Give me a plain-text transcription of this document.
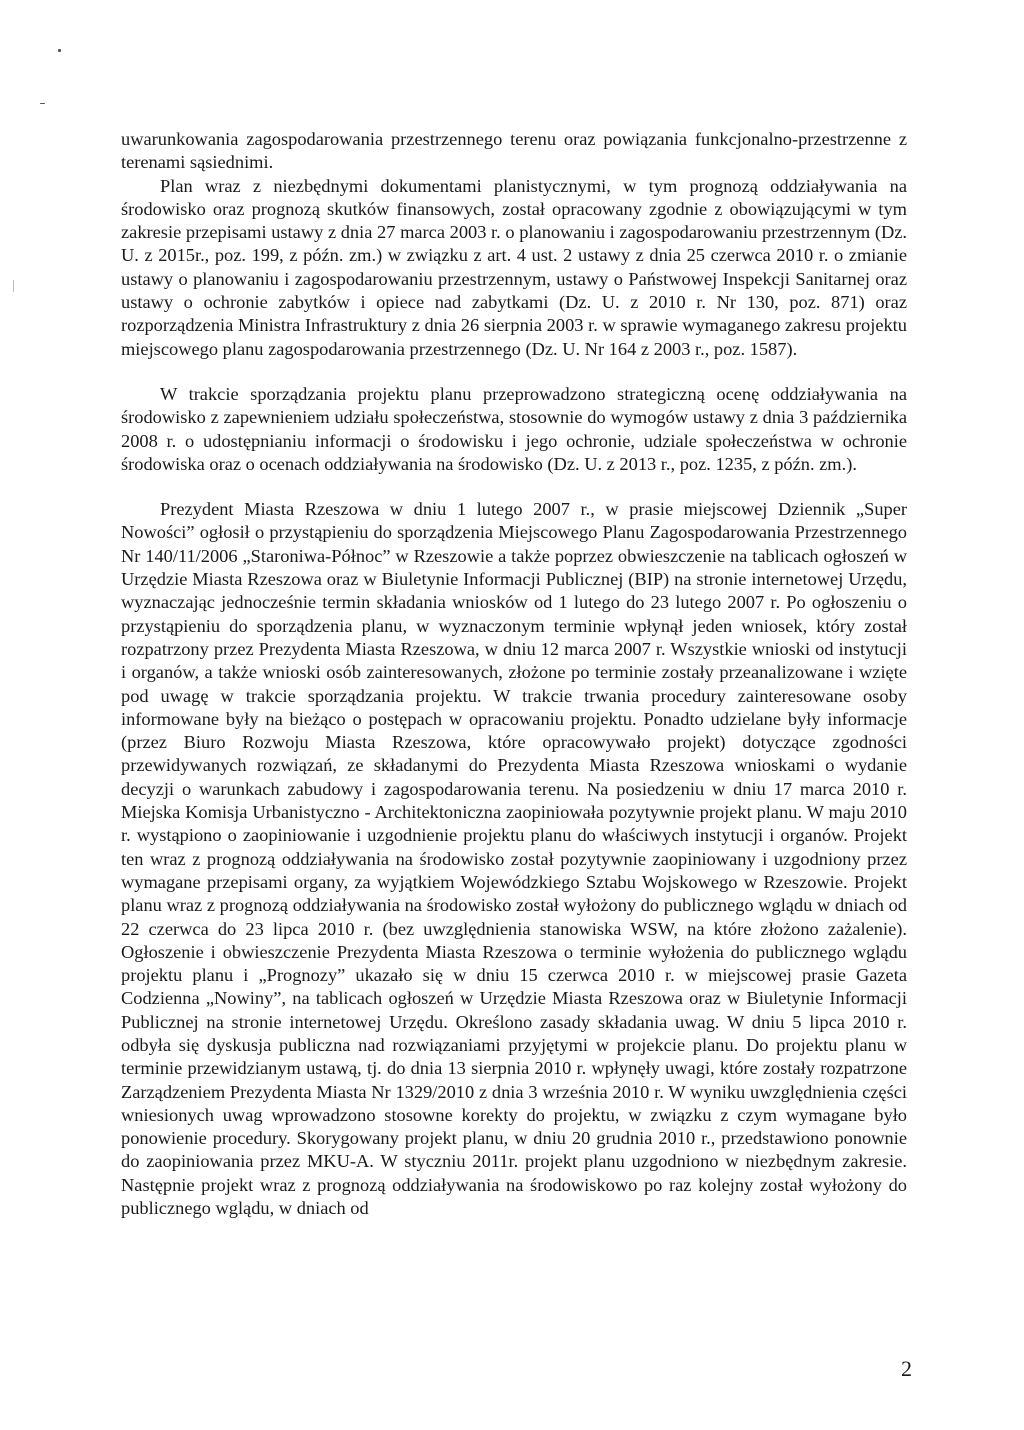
uwarunkowania zagospodarowania przestrzennego terenu oraz powiązania funkcjonalno-przestrzenne z terenami sąsiednimi.

Plan wraz z niezbędnymi dokumentami planistycznymi, w tym prognozą oddziaływania na środowisko oraz prognozą skutków finansowych, został opracowany zgodnie z obowiązującymi w tym zakresie przepisami ustawy z dnia 27 marca 2003 r. o planowaniu i zagospodarowaniu przestrzennym (Dz. U. z 2015r., poz. 199, z późn. zm.) w związku z art. 4 ust. 2 ustawy z dnia 25 czerwca 2010 r. o zmianie ustawy o planowaniu i zagospodarowaniu przestrzennym, ustawy o Państwowej Inspekcji Sanitarnej oraz ustawy o ochronie zabytków i opiece nad zabytkami (Dz. U. z 2010 r. Nr 130, poz. 871) oraz rozporządzenia Ministra Infrastruktury z dnia 26 sierpnia 2003 r. w sprawie wymaganego zakresu projektu miejscowego planu zagospodarowania przestrzennego (Dz. U. Nr 164 z 2003 r., poz. 1587).

W trakcie sporządzania projektu planu przeprowadzono strategiczną ocenę oddziaływania na środowisko z zapewnieniem udziału społeczeństwa, stosownie do wymogów ustawy z dnia 3 października 2008 r. o udostępnianiu informacji o środowisku i jego ochronie, udziale społeczeństwa w ochronie środowiska oraz o ocenach oddziaływania na środowisko (Dz. U. z 2013 r., poz. 1235, z późn. zm.).

Prezydent Miasta Rzeszowa w dniu 1 lutego 2007 r., w prasie miejscowej Dziennik „Super Nowości” ogłosił o przystąpieniu do sporządzenia Miejscowego Planu Zagospodarowania Przestrzennego Nr 140/11/2006 „Staroniwa-Północ” w Rzeszowie a także poprzez obwieszczenie na tablicach ogłoszeń w Urzędzie Miasta Rzeszowa oraz w Biuletynie Informacji Publicznej (BIP) na stronie internetowej Urzędu, wyznaczając jednocześnie termin składania wniosków od 1 lutego do 23 lutego 2007 r. Po ogłoszeniu o przystąpieniu do sporządzenia planu, w wyznaczonym terminie wpłynął jeden wniosek, który został rozpatrzony przez Prezydenta Miasta Rzeszowa, w dniu 12 marca 2007 r. Wszystkie wnioski od instytucji i organów, a także wnioski osób zainteresowanych, złożone po terminie zostały przeanalizowane i wzięte pod uwagę w trakcie sporządzania projektu. W trakcie trwania procedury zainteresowane osoby informowane były na bieżąco o postępach w opracowaniu projektu. Ponadto udzielane były informacje (przez Biuro Rozwoju Miasta Rzeszowa, które opracowywało projekt) dotyczące zgodności przewidywanych rozwiązań, ze składanymi do Prezydenta Miasta Rzeszowa wnioskami o wydanie decyzji o warunkach zabudowy i zagospodarowania terenu. Na posiedzeniu w dniu 17 marca 2010 r. Miejska Komisja Urbanistyczno - Architektoniczna zaopiniowała pozytywnie projekt planu. W maju 2010 r. wystąpiono o zaopiniowanie i uzgodnienie projektu planu do właściwych instytucji i organów. Projekt ten wraz z prognozą oddziaływania na środowisko został pozytywnie zaopiniowany i uzgodniony przez wymagane przepisami organy, za wyjątkiem Wojewódzkiego Sztabu Wojskowego w Rzeszowie. Projekt planu wraz z prognozą oddziaływania na środowisko został wyłożony do publicznego wglądu w dniach od 22 czerwca do 23 lipca 2010 r. (bez uwzględnienia stanowiska WSW, na które złożono zażalenie). Ogłoszenie i obwieszczenie Prezydenta Miasta Rzeszowa o terminie wyłożenia do publicznego wglądu projektu planu i „Prognozy” ukazało się w dniu 15 czerwca 2010 r. w miejscowej prasie Gazeta Codzienna „Nowiny”, na tablicach ogłoszeń w Urzędzie Miasta Rzeszowa oraz w Biuletynie Informacji Publicznej na stronie internetowej Urzędu. Określono zasady składania uwag. W dniu 5 lipca 2010 r. odbyła się dyskusja publiczna nad rozwiązaniami przyjętymi w projekcie planu. Do projektu planu w terminie przewidzianym ustawą, tj. do dnia 13 sierpnia 2010 r. wpłynęły uwagi, które zostały rozpatrzone Zarządzeniem Prezydenta Miasta Nr 1329/2010 z dnia 3 września 2010 r. W wyniku uwzględnienia części wniesionych uwag wprowadzono stosowne korekty do projektu, w związku z czym wymagane było ponowienie procedury. Skorygowany projekt planu, w dniu 20 grudnia 2010 r., przedstawiono ponownie do zaopiniowania przez MKU-A. W styczniu 2011r. projekt planu uzgodniono w niezbędnym zakresie. Następnie projekt wraz z prognozą oddziaływania na środowiskowo po raz kolejny został wyłożony do publicznego wglądu, w dniach od

2
